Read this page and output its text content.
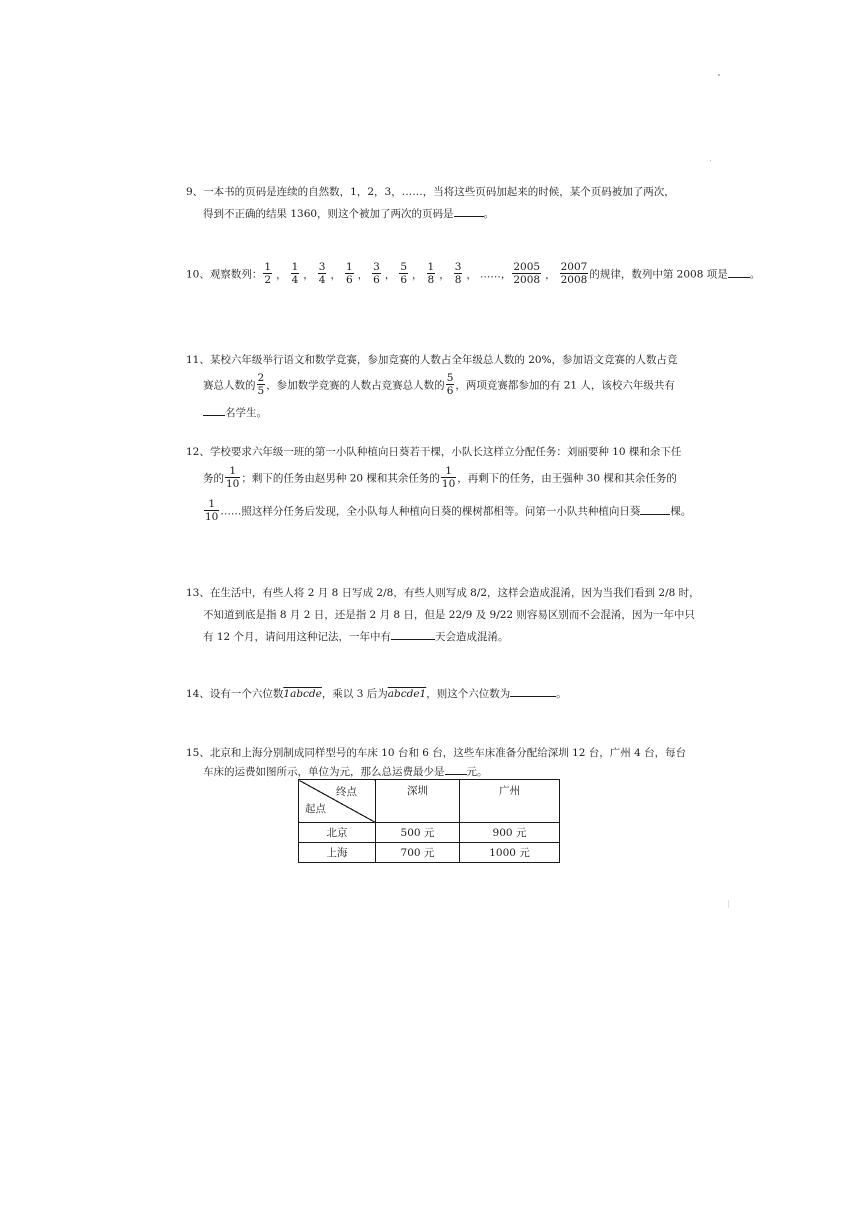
9、一本书的页码是连续的自然数，1，2，3，……，当将这些页码加起来的时候，某个页码被加了两次，
得到不正确的结果 1360，则这个被加了两次的页码是	。
10、观察数列： $\frac{1}{2}$ ， $\frac{1}{4}$ ， $\frac{3}{4}$ ， $\frac{1}{6}$ ， $\frac{3}{6}$ ， $\frac{5}{6}$ ， $\frac{1}{8}$ ， $\frac{3}{8}$ ， ……， $\frac{2005}{2008}$ ， $\frac{2007}{2008}$ 的规律，数列中第 2008 项是 。
11、某校六年级举行语文和数学竞赛，参加竞赛的人数占全年级总人数的 20%，参加语文竞赛的人数占竞
赛总人数的 $\frac{2}{5}$ ，参加数学竞赛的人数占竞赛总人数的 $\frac{5}{6}$ ，两项竞赛都参加的有 21 人，该校六年级共有
名学生。
12、学校要求六年级一班的第一小队种植向日葵若干棵，小队长这样立分配任务：刘丽要种 10 棵和余下任
务的 $\frac{1}{10}$ ；剩下的任务由赵男种 20 棵和其余任务的 $\frac{1}{10}$ ，再剩下的任务，由王强种 30 棵和其余任务的
$\frac{1}{10}$ ……照这样分任务后发现，全小队每人种植向日葵的棵树都相等。问第一小队共种植向日葵	棵。
13、在生活中，有些人将 2 月 8 日写成 2/8，有些人则写成 8/2，这样会造成混淆，因为当我们看到 2/8 时，
不知道到底是指 8 月 2 日，还是指 2 月 8 日，但是 22/9 及 9/22 则容易区别而不会混淆，因为一年中只
有 12 个月，请问用这种记法，一年中有	天会造成混淆。
14、设有一个六位数1abcde，乘以 3 后为abcde1，则这个六位数为	。
15、北京和上海分别制成同样型号的车床 10 台和 6 台，这些车床准备分配给深圳 12 台，广州 4 台，每台
车床的运费如图所示，单位为元，那么总运费最少是 元。
终点
起点	深圳	广州
北京	500 元	900 元
上海	700 元	1000 元
